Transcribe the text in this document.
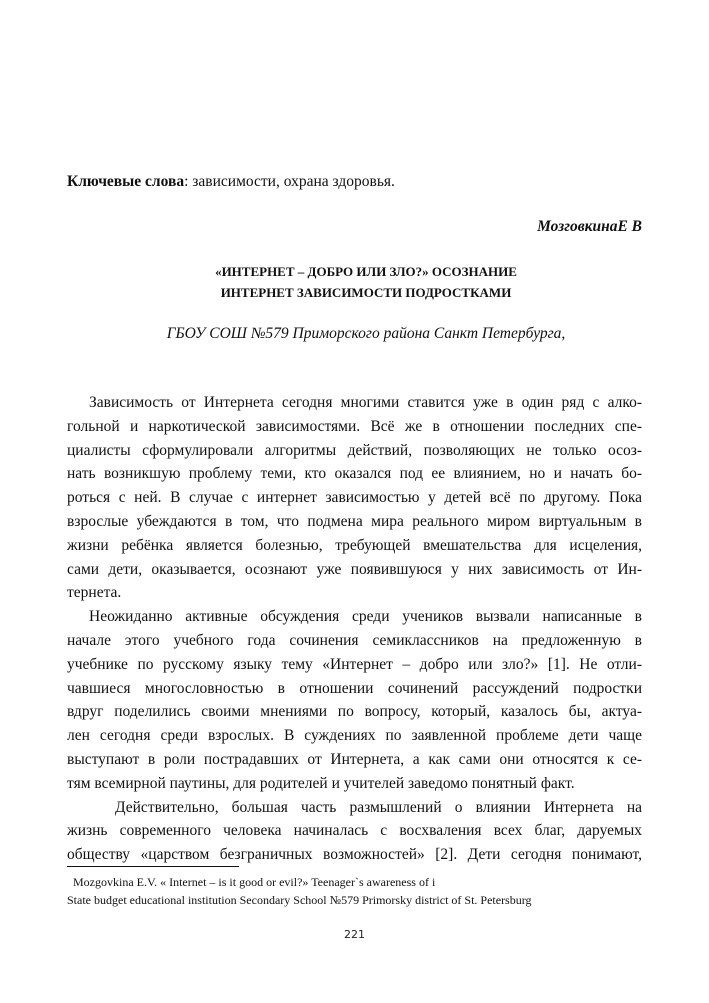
Ключевые слова: зависимости, охрана здоровья.
МозговкинаЕ В
«ИНТЕРНЕТ – ДОБРО ИЛИ ЗЛО?» ОСОЗНАНИЕ
ИНТЕРНЕТ ЗАВИСИМОСТИ ПОДРОСТКАМИ
ГБОУ СОШ №579 Приморского района Санкт Петербурга,
Зависимость от Интернета сегодня многими ставится уже в один ряд с алко-
гольной и наркотической зависимостями. Всё же в отношении последних спе-
циалисты сформулировали алгоритмы действий, позволяющих не только осоз-
нать возникшую проблему теми, кто оказался под ее влиянием, но и начать бо-
роться с ней. В случае с интернет зависимостью у детей всё по другому. Пока
взрослые убеждаются в том, что подмена мира реального миром виртуальным в
жизни ребёнка является болезнью, требующей вмешательства для исцеления,
сами дети, оказывается, осознают уже появившуюся у них зависимость от Ин-
тернета.
Неожиданно активные обсуждения среди учеников вызвали написанные в
начале этого учебного года сочинения семиклассников на предложенную в
учебнике по русскому языку тему «Интернет – добро или зло?» [1]. Не отли-
чавшиеся многословностью в отношении сочинений рассуждений подростки
вдруг поделились своими мнениями по вопросу, который, казалось бы, актуа-
лен сегодня среди взрослых. В суждениях по заявленной проблеме дети чаще
выступают в роли пострадавших от Интернета, а как сами они относятся к се-
тям всемирной паутины, для родителей и учителей заведомо понятный факт.
Действительно, большая часть размышлений о влиянии Интернета на
жизнь современного человека начиналась с восхваления всех благ, даруемых
обществу «царством безграничных возможностей» [2]. Дети сегодня понимают,
Mozgovkina E.V. « Internet – is it good or evil?» Teenager`s awareness of i
State budget educational institution Secondary School №579 Primorsky district of St. Petersburg
221
